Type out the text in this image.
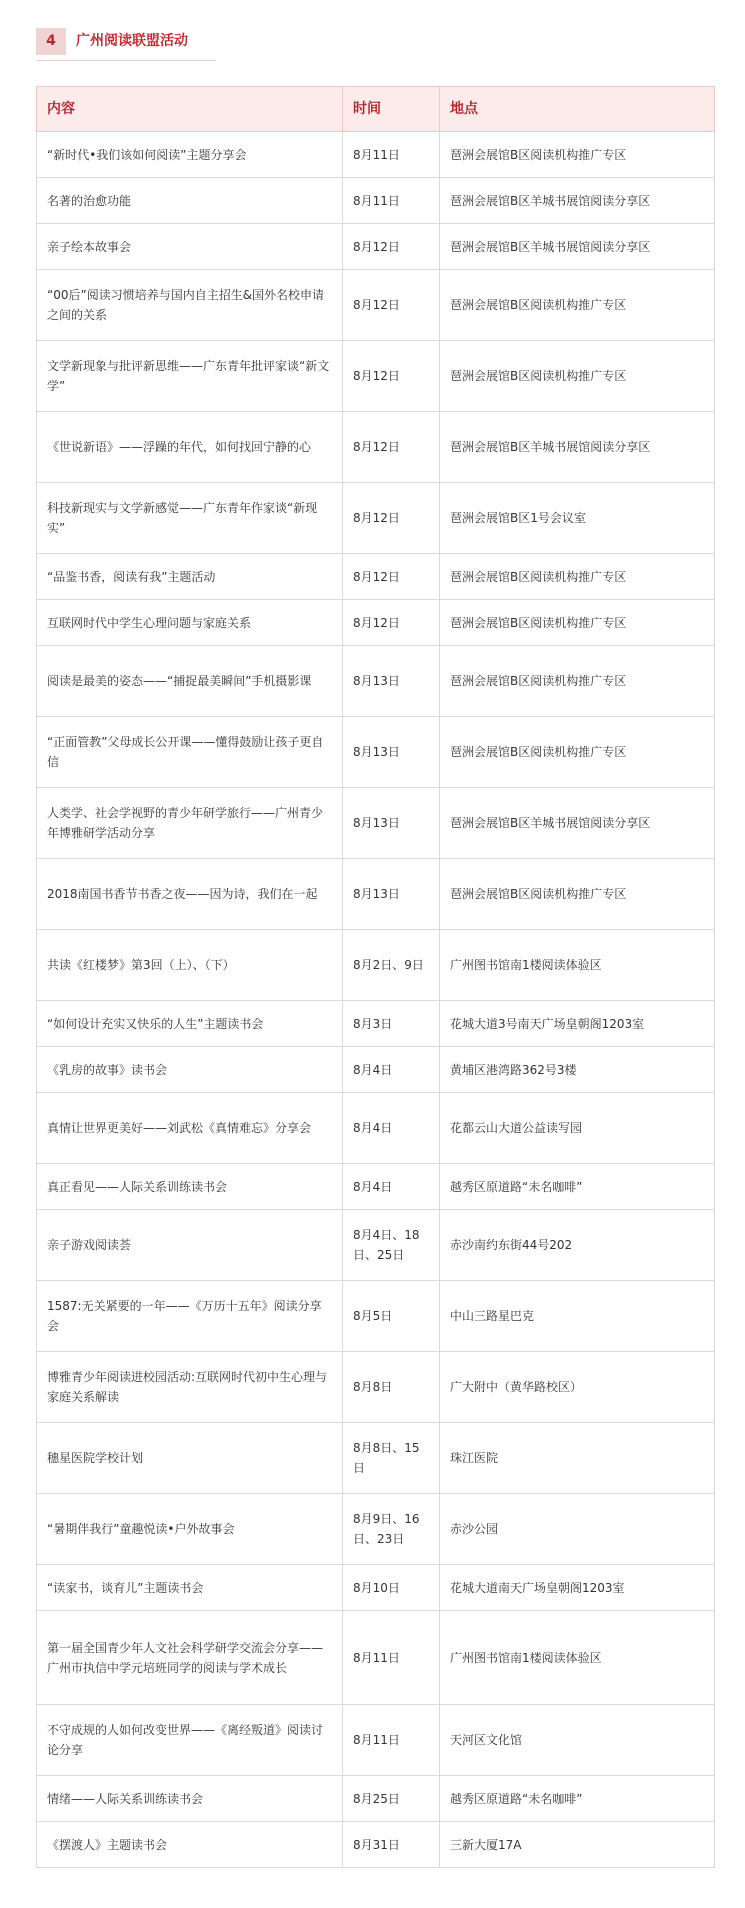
4	广州阅读联盟活动
内容	时间	地点
“新时代•我们该如何阅读”主题分享会	8月11日	琶洲会展馆B区阅读机构推广专区
名著的治愈功能	8月11日	琶洲会展馆B区羊城书展馆阅读分享区
亲子绘本故事会	8月12日	琶洲会展馆B区羊城书展馆阅读分享区
“00后”阅读习惯培养与国内自主招生&国外名校申请之间的关系	8月12日	琶洲会展馆B区阅读机构推广专区
文学新现象与批评新思维——广东青年批评家谈“新文学”	8月12日	琶洲会展馆B区阅读机构推广专区
《世说新语》——浮躁的年代，如何找回宁静的心	8月12日	琶洲会展馆B区羊城书展馆阅读分享区
科技新现实与文学新感觉——广东青年作家谈“新现实”	8月12日	琶洲会展馆B区1号会议室
“品鉴书香，阅读有我”主题活动	8月12日	琶洲会展馆B区阅读机构推广专区
互联网时代中学生心理问题与家庭关系	8月12日	琶洲会展馆B区阅读机构推广专区
阅读是最美的姿态——“捕捉最美瞬间”手机摄影课	8月13日	琶洲会展馆B区阅读机构推广专区
“正面管教”父母成长公开课——懂得鼓励让孩子更自信	8月13日	琶洲会展馆B区阅读机构推广专区
人类学、社会学视野的青少年研学旅行——广州青少年博雅研学活动分享	8月13日	琶洲会展馆B区羊城书展馆阅读分享区
2018南国书香节书香之夜——因为诗，我们在一起	8月13日	琶洲会展馆B区阅读机构推广专区
共读《红楼梦》第3回（上）、（下）	8月2日、9日	广州图书馆南1楼阅读体验区
“如何设计充实又快乐的人生”主题读书会	8月3日	花城大道3号南天广场皇朝阁1203室
《乳房的故事》读书会	8月4日	黄埔区港湾路362号3楼
真情让世界更美好——刘武松《真情难忘》分享会	8月4日	花都云山大道公益读写园
真正看见——人际关系训练读书会	8月4日	越秀区原道路“未名咖啡”
亲子游戏阅读荟	8月4日、18日、25日	赤沙南约东街44号202
1587:无关紧要的一年——《万历十五年》阅读分享会	8月5日	中山三路星巴克
博雅青少年阅读进校园活动:互联网时代初中生心理与家庭关系解读	8月8日	广大附中（黄华路校区）
穗星医院学校计划	8月8日、15日	珠江医院
“暑期伴我行”童趣悦读•户外故事会	8月9日、16日、23日	赤沙公园
“读家书，谈育儿”主题读书会	8月10日	花城大道南天广场皇朝阁1203室
第一届全国青少年人文社会科学研学交流会分享——广州市执信中学元培班同学的阅读与学术成长	8月11日	广州图书馆南1楼阅读体验区
不守成规的人如何改变世界——《离经叛道》阅读讨论分享	8月11日	天河区文化馆
情绪——人际关系训练读书会	8月25日	越秀区原道路“未名咖啡”
《摆渡人》主题读书会	8月31日	三新大厦17A
